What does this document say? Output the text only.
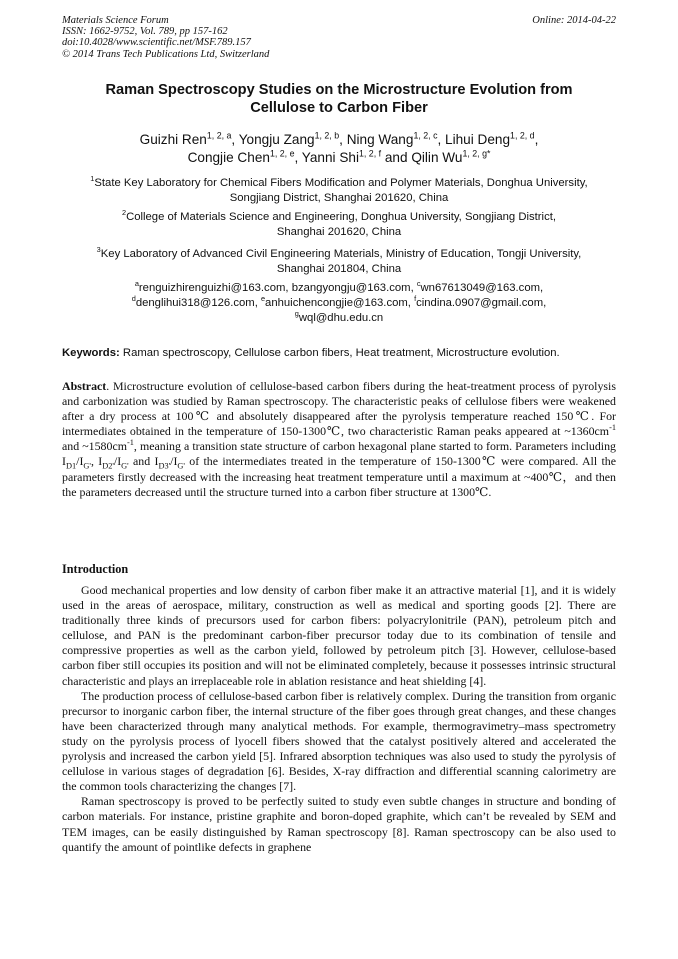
Materials Science Forum
ISSN: 1662-9752, Vol. 789, pp 157-162
doi:10.4028/www.scientific.net/MSF.789.157
© 2014 Trans Tech Publications Ltd, Switzerland
Online: 2014-04-22
Raman Spectroscopy Studies on the Microstructure Evolution from
Cellulose to Carbon Fiber
Guizhi Ren$^{1, 2, a}$, Yongju Zang$^{1, 2, b}$, Ning Wang$^{1, 2, c}$, Lihui Deng$^{1, 2, d}$,
Congjie Chen$^{1, 2, e}$, Yanni Shi$^{1, 2, f}$ and Qilin $Wu^{1, 2, g*}$
$^1$State Key Laboratory for Chemical Fibers Modification and Polymer Materials, Donghua University,
Songjiang District, Shanghai 201620, China
$^2$College of Materials Science and Engineering, Donghua University, Songjiang District,
Shanghai 201620, China
$^3$Key Laboratory of Advanced Civil Engineering Materials, Ministry of Education, Tongji University,
Shanghai 201804, China
$^a$renguizhirenguizhi@163.com, bzangyongju@163.com, $^c$wn67613049@163.com,
$^d$denglihui318@126.com, $^e$anhuichencongjie@163.com, $^f$cindina.0907@gmail.com,
$^g$wql@dhu.edu.cn
Keywords: Raman spectroscopy, Cellulose carbon fibers, Heat treatment, Microstructure evolution.
Abstract. Microstructure evolution of cellulose-based carbon fibers during the heat-treatment process of pyrolysis and carbonization was studied by Raman spectroscopy. The characteristic peaks of cellulose fibers were weakened after a dry process at 100℃ and absolutely disappeared after the pyrolysis temperature reached 150℃. For intermediates obtained in the temperature of 150-1300℃, two characteristic Raman peaks appeared at $\sim 1360cm^{-1}$ and $\sim 1580cm^{-1}$, meaning a transition state structure of carbon hexagonal plane started to form. Parameters including $I_{D1}/I_{G'}$, $I_{D2'}/I_{G'}$ and $I_{D3'}/I_{G'}$ of the intermediates treated in the temperature of 150-1300℃ were compared. All the parameters firstly decreased with the increasing heat treatment temperature until a maximum at ~400℃，and then the parameters decreased until the structure turned into a carbon fiber structure at 1300℃.
Introduction

Good mechanical properties and low density of carbon fiber make it an attractive material [1], and it is widely used in the areas of aerospace, military, construction as well as medical and sporting goods [2]. There are traditionally three kinds of precursors used for carbon fibers: polyacrylonitrile (PAN), petroleum pitch and cellulose, and PAN is the predominant carbon-fiber precursor today due to its combination of tensile and compressive properties as well as the carbon yield, followed by petroleum pitch [3]. However, cellulose-based carbon fiber still occupies its position and will not be eliminated completely, because it possesses intrinsic structural characteristic and plays an irreplaceable role in ablation resistance and heat shielding [4].

The production process of cellulose-based carbon fiber is relatively complex. During the transition from organic precursor to inorganic carbon fiber, the internal structure of the fiber goes through great changes, and these changes have been characterized through many analytical methods. For example, thermogravimetry–mass spectrometry study on the pyrolysis process of lyocell fibers showed that the catalyst positively altered and accelerated the pyrolysis and increased the carbon yield [5]. Infrared absorption techniques was also used to study the pyrolysis of cellulose in various stages of degradation [6]. Besides, X-ray diffraction and differential scanning calorimetry are the common tools characterizing the changes [7].

Raman spectroscopy is proved to be perfectly suited to study even subtle changes in structure and bonding of carbon materials. For instance, pristine graphite and boron-doped graphite, which can’t be revealed by SEM and TEM images, can be easily distinguished by Raman spectroscopy [8]. Raman spectroscopy can be also used to quantify the amount of pointlike defects in graphene
